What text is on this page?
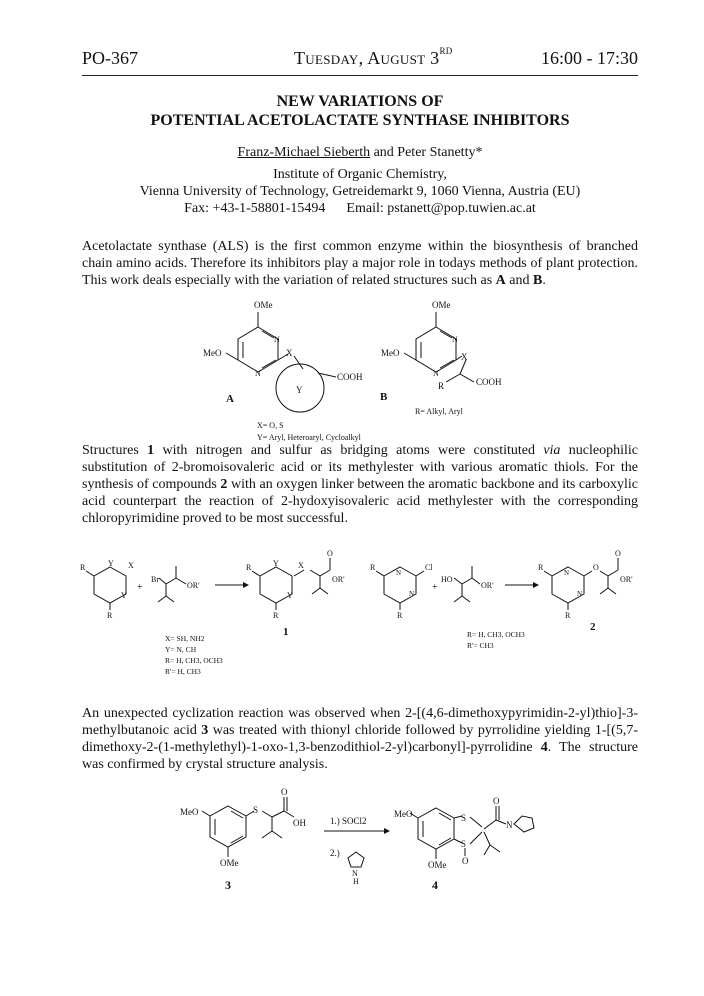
PO-367	Tuesday, August 3RD	16:00 - 17:30
NEW VARIATIONS OF
POTENTIAL ACETOLACTATE SYNTHASE INHIBITORS
Franz-Michael Sieberth and Peter Stanetty*
Institute of Organic Chemistry,
Vienna University of Technology, Getreidemarkt 9, 1060 Vienna, Austria (EU)
Fax: +43-1-58801-15494      Email: pstanett@pop.tuwien.ac.at
Acetolactate synthase (ALS) is the first common enzyme within the biosynthesis of branched chain amino acids. Therefore its inhibitors play a major role in todays methods of plant protection. This work deals especially with the variation of related structures such as A and B.
Structures 1 with nitrogen and sulfur as bridging atoms were constituted via nucleophilic substitution of 2-bromoisovaleric acid or its methylester with various aromatic thiols. For the synthesis of compounds 2 with an oxygen linker between the aromatic backbone and its carboxylic acid counterpart the reaction of 2-hydoxyisovaleric acid methylester with the corresponding chloropyrimidine proved to be most successful.
An unexpected cyclization reaction was observed when 2-[(4,6-dimethoxypyrimidin-2-yl)thio]-3-methylbutanoic acid 3 was treated with thionyl chloride followed by pyrrolidine yielding 1-[(5,7-dimethoxy-2-(1-methylethyl)-1-oxo-1,3-benzodithiol-2-yl)carbonyl]-pyrrolidine 4. The structure was confirmed by crystal structure analysis.
OMe
MeO
N
N
X
Y
COOH
A
OMe
MeO
N
N
X
R	COOH
B
X= O, S
Y= Aryl, Heteroaryl, Cycloalkyl
R= Alkyl, Aryl
R	Y
Y
X
R
+
Br
OR'
R	Y
Y
X
R
O
OR'
1
X= SH, NH2
Y= N, CH
R= H, CH3, OCH3
R'= H, CH3
R
N
N
Cl
R
+
HO
OR'
R
N
N
O
O
OR'
R
2
R= H, CH3, OCH3
R'= CH3
MeO
OMe
S
O
OH
3
1.) SOCl2
2.)
N
H
MeO
OMe
S
S
O
O
N
4
